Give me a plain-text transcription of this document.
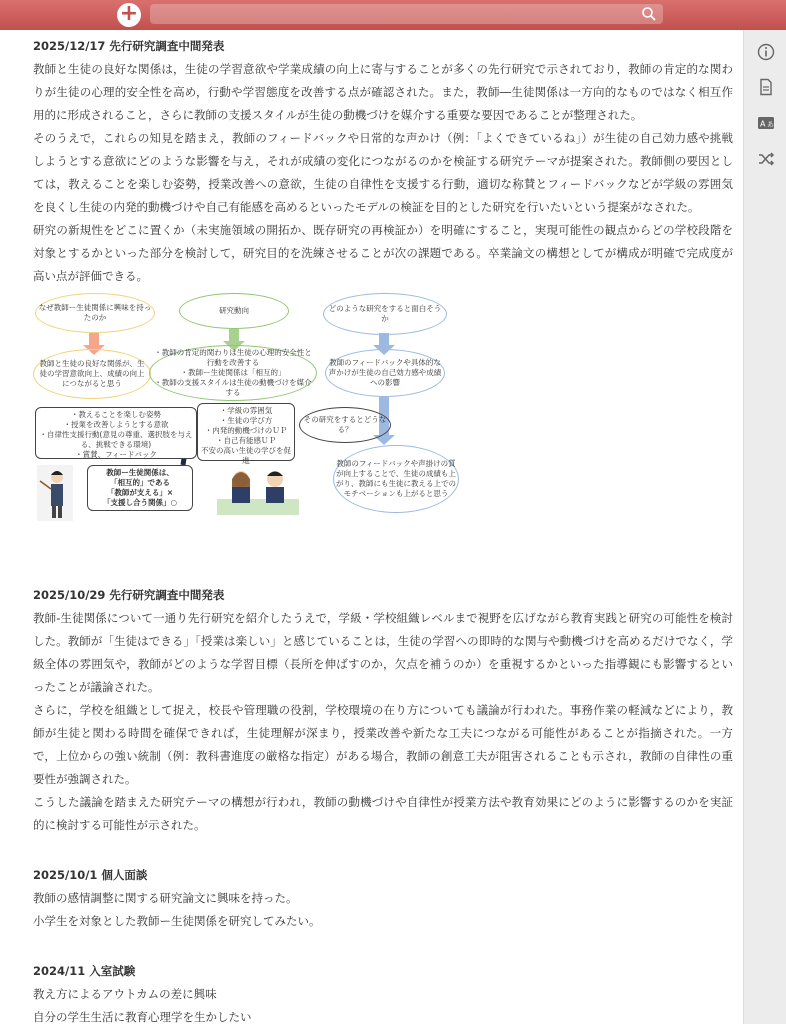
+
A あ

2025/12/17 先行研究調査中間発表

教師と生徒の良好な関係は，生徒の学習意欲や学業成績の向上に寄与することが多くの先行研究で示されており，教師の肯定的な関わりが生徒の心理的安全性を高め，行動や学習態度を改善する点が確認された。また，教師―生徒関係は一方向的なものではなく相互作用的に形成されること，さらに教師の支援スタイルが生徒の動機づけを媒介する重要な要因であることが整理された。

そのうえで，これらの知見を踏まえ，教師のフィードバックや日常的な声かけ（例：「よくできているね」）が生徒の自己効力感や挑戦しようとする意欲にどのような影響を与え，それが成績の変化につながるのかを検証する研究テーマが提案された。教師側の要因としては，教えることを楽しむ姿勢，授業改善への意欲，生徒の自律性を支援する行動，適切な称賛とフィードバックなどが学級の雰囲気を良くし生徒の内発的動機づけや自己有能感を高めるといったモデルの検証を目的とした研究を行いたいという提案がなされた。

研究の新規性をどこに置くか（未実施領域の開拓か、既存研究の再検証か）を明確にすること，実現可能性の観点からどの学校段階を対象とするかといった部分を検討して，研究目的を洗練させることが次の課題である。卒業論文の構想としてが構成が明確で完成度が高い点が評価できる。

なぜ教師ー生徒関係に興味を持ったのか
教師と生徒の良好な関係が、生徒の学習意欲向上、成績の向上につながると思う
研究動向
・教師の肯定的関わりは生徒の心理的安全性と行動を改善する
・教師ー生徒関係は「相互的」
・教師の支援スタイルは生徒の動機づけを媒介する
どのような研究をすると面白そうか
教師のフィードバックや具体的な声かけが生徒の自己効力感や成績への影響
・教えることを楽しむ姿勢
・授業を改善しようとする意欲
・自律性支援行動(意見の尊重、選択肢を与える、挑戦できる環境)
・賞賛、フィードバック
・学級の雰囲気
・生徒の学び方
・内発的動機づけのＵＰ
・自己有能感ＵＰ
不安の高い生徒の学びを促進
その研究をするとどうなる？
教師のフィードバックや声掛けの質が向上することで、生徒の成績も上がり、教師にも生徒に教える上でのモチベーションも上がると思う
教師ー生徒関係は、
「相互的」である
「教師が支える」×
「支援し合う関係」○

2025/10/29 先行研究調査中間発表

教師‐生徒関係について一通り先行研究を紹介したうえで，学級・学校組織レベルまで視野を広げながら教育実践と研究の可能性を検討した。教師が「生徒はできる」「授業は楽しい」と感じていることは，生徒の学習への即時的な関与や動機づけを高めるだけでなく，学級全体の雰囲気や，教師がどのような学習目標（長所を伸ばすのか，欠点を補うのか）を重視するかといった指導観にも影響するといったことが議論された。

さらに，学校を組織として捉え，校長や管理職の役割，学校環境の在り方についても議論が行われた。事務作業の軽減などにより，教師が生徒と関わる時間を確保できれば，生徒理解が深まり，授業改善や新たな工夫につながる可能性があることが指摘された。一方で，上位からの強い統制（例：教科書進度の厳格な指定）がある場合，教師の創意工夫が阻害されることも示され，教師の自律性の重要性が強調された。

こうした議論を踏まえた研究テーマの構想が行われ，教師の動機づけや自律性が授業方法や教育効果にどのように影響するのかを実証的に検討する可能性が示された。

2025/10/1 個人面談

教師の感情調整に関する研究論文に興味を持った。

小学生を対象とした教師ー生徒関係を研究してみたい。

2024/11 入室試験

教え方によるアウトカムの差に興味

自分の学生生活に教育心理学を生かしたい
